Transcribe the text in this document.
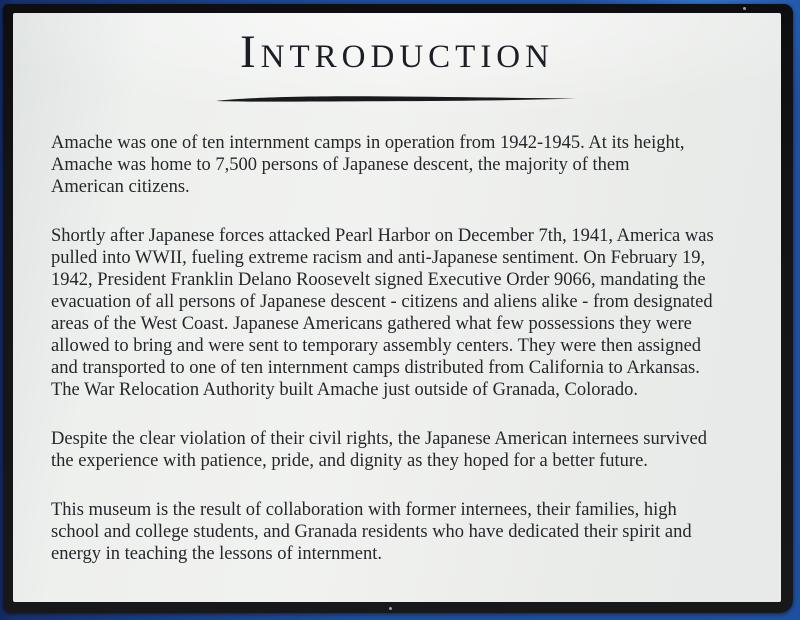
Introduction

Amache was one of ten internment camps in operation from 1942-1945. At its height,
Amache was home to 7,500 persons of Japanese descent, the majority of them
American citizens.

Shortly after Japanese forces attacked Pearl Harbor on December 7th, 1941, America was
pulled into WWII, fueling extreme racism and anti-Japanese sentiment. On February 19,
1942, President Franklin Delano Roosevelt signed Executive Order 9066, mandating the
evacuation of all persons of Japanese descent - citizens and aliens alike - from designated
areas of the West Coast. Japanese Americans gathered what few possessions they were
allowed to bring and were sent to temporary assembly centers. They were then assigned
and transported to one of ten internment camps distributed from California to Arkansas.
The War Relocation Authority built Amache just outside of Granada, Colorado.

Despite the clear violation of their civil rights, the Japanese American internees survived
the experience with patience, pride, and dignity as they hoped for a better future.

This museum is the result of collaboration with former internees, their families, high
school and college students, and Granada residents who have dedicated their spirit and
energy in teaching the lessons of internment.
